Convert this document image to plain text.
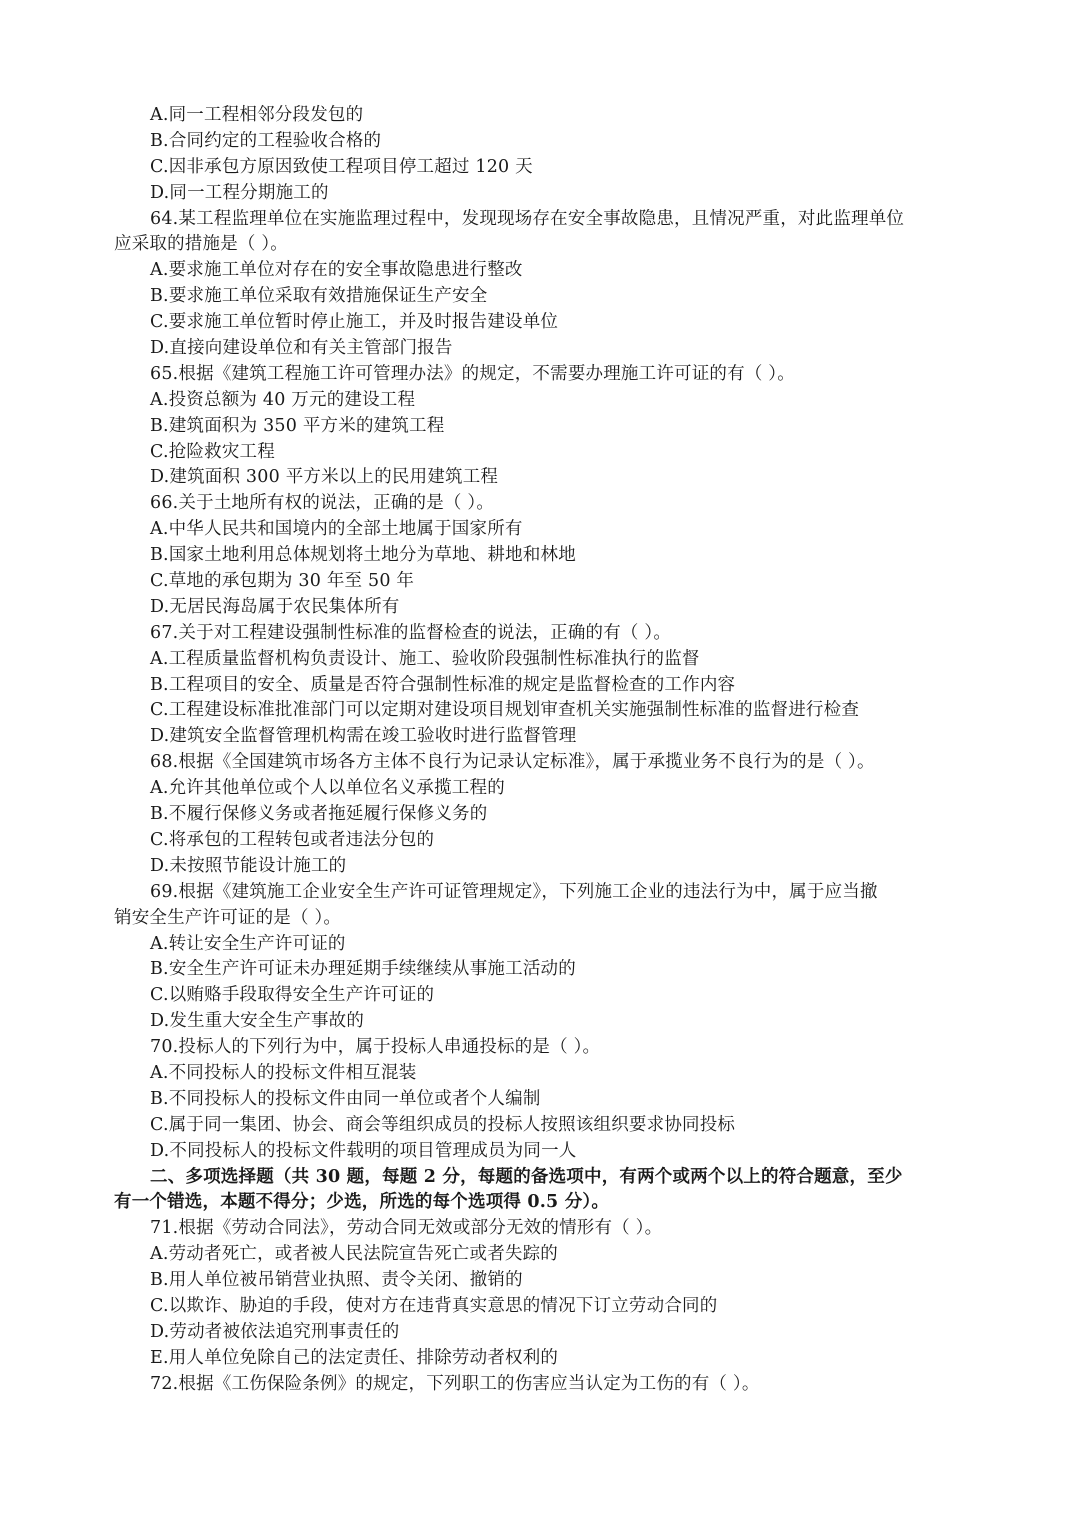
A.同一工程相邻分段发包的
B.合同约定的工程验收合格的
C.因非承包方原因致使工程项目停工超过 120 天
D.同一工程分期施工的
64.某工程监理单位在实施监理过程中，发现现场存在安全事故隐患，且情况严重，对此监理单位
应采取的措施是（ ）。
A.要求施工单位对存在的安全事故隐患进行整改
B.要求施工单位采取有效措施保证生产安全
C.要求施工单位暂时停止施工，并及时报告建设单位
D.直接向建设单位和有关主管部门报告
65.根据《建筑工程施工许可管理办法》的规定，不需要办理施工许可证的有（ ）。
A.投资总额为 40 万元的建设工程
B.建筑面积为 350 平方米的建筑工程
C.抢险救灾工程
D.建筑面积 300 平方米以上的民用建筑工程
66.关于土地所有权的说法，正确的是（ ）。
A.中华人民共和国境内的全部土地属于国家所有
B.国家土地利用总体规划将土地分为草地、耕地和林地
C.草地的承包期为 30 年至 50 年
D.无居民海岛属于农民集体所有
67.关于对工程建设强制性标准的监督检查的说法，正确的有（ ）。
A.工程质量监督机构负责设计、施工、验收阶段强制性标准执行的监督
B.工程项目的安全、质量是否符合强制性标准的规定是监督检查的工作内容
C.工程建设标准批准部门可以定期对建设项目规划审查机关实施强制性标准的监督进行检查
D.建筑安全监督管理机构需在竣工验收时进行监督管理
68.根据《全国建筑市场各方主体不良行为记录认定标准》，属于承揽业务不良行为的是（ ）。
A.允许其他单位或个人以单位名义承揽工程的
B.不履行保修义务或者拖延履行保修义务的
C.将承包的工程转包或者违法分包的
D.未按照节能设计施工的
69.根据《建筑施工企业安全生产许可证管理规定》，下列施工企业的违法行为中，属于应当撤
销安全生产许可证的是（ ）。
A.转让安全生产许可证的
B.安全生产许可证未办理延期手续继续从事施工活动的
C.以贿赂手段取得安全生产许可证的
D.发生重大安全生产事故的
70.投标人的下列行为中，属于投标人串通投标的是（ ）。
A.不同投标人的投标文件相互混装
B.不同投标人的投标文件由同一单位或者个人编制
C.属于同一集团、协会、商会等组织成员的投标人按照该组织要求协同投标
D.不同投标人的投标文件载明的项目管理成员为同一人
二、多项选择题（共 30 题，每题 2 分，每题的备选项中，有两个或两个以上的符合题意，至少
有一个错选，本题不得分；少选，所选的每个选项得 0.5 分）。
71.根据《劳动合同法》，劳动合同无效或部分无效的情形有（ ）。
A.劳动者死亡，或者被人民法院宣告死亡或者失踪的
B.用人单位被吊销营业执照、责令关闭、撤销的
C.以欺诈、胁迫的手段，使对方在违背真实意思的情况下订立劳动合同的
D.劳动者被依法追究刑事责任的
E.用人单位免除自己的法定责任、排除劳动者权利的
72.根据《工伤保险条例》的规定，下列职工的伤害应当认定为工伤的有（ ）。
